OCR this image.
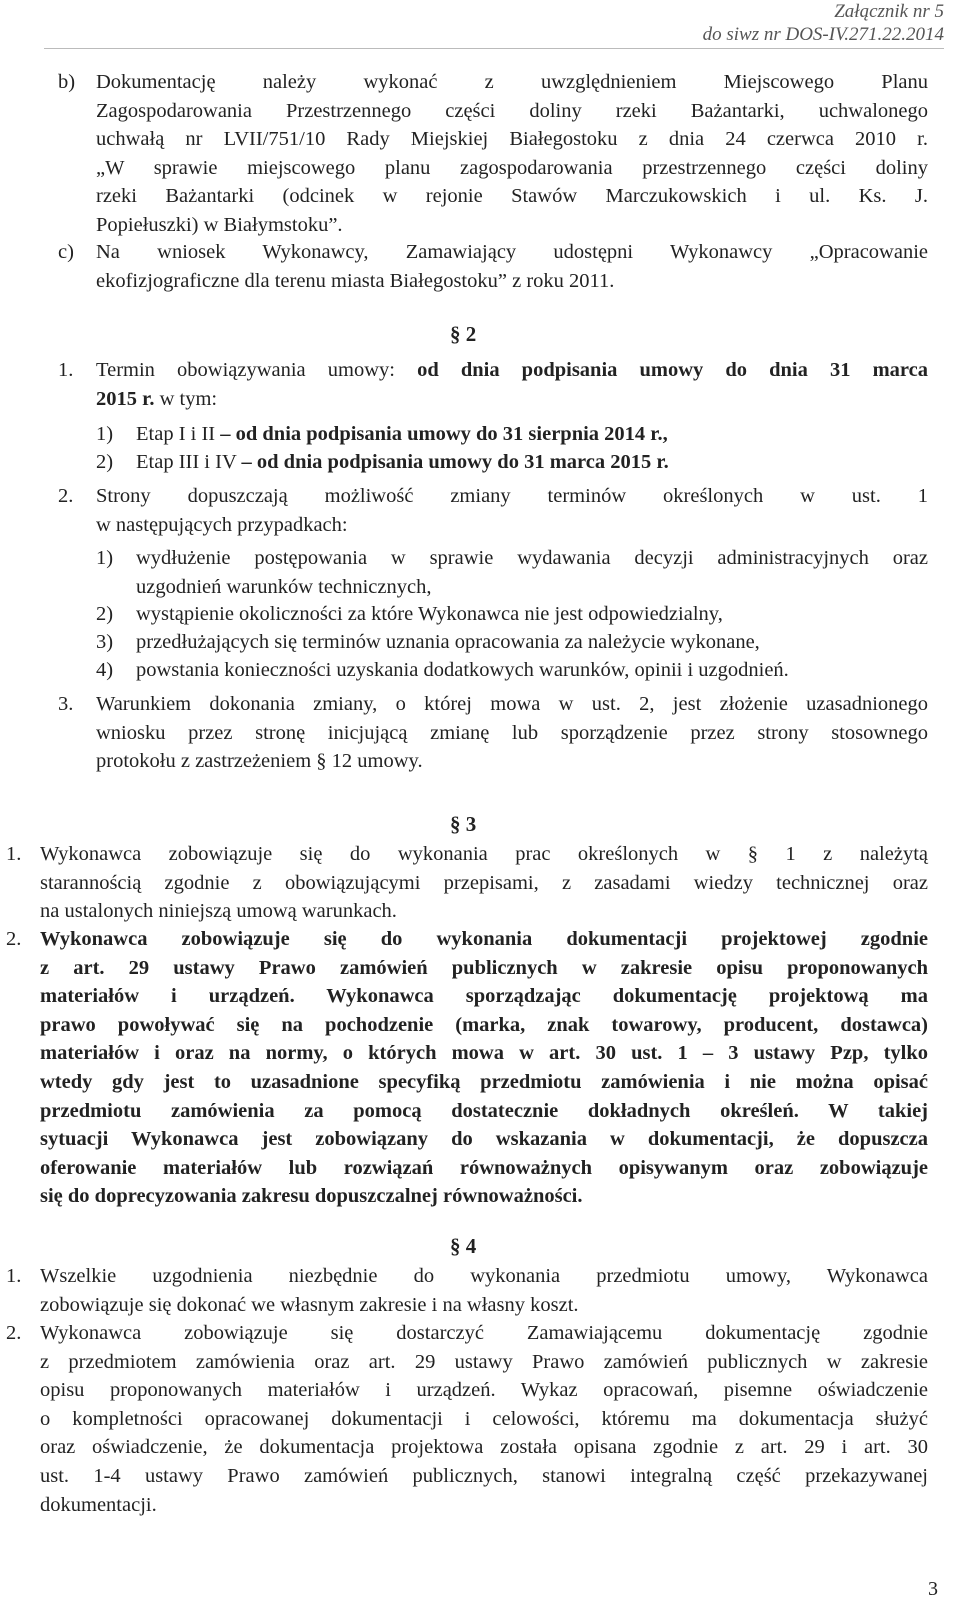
Załącznik nr 5
do siwz nr DOS-IV.271.22.2014
b) Dokumentację należy wykonać z uwzględnieniem Miejscowego Planu
Zagospodarowania Przestrzennego części doliny rzeki Bażantarki, uchwalonego
uchwałą nr LVII/751/10 Rady Miejskiej Białegostoku z dnia 24 czerwca 2010 r.
„W sprawie miejscowego planu zagospodarowania przestrzennego części doliny
rzeki Bażantarki (odcinek w rejonie Stawów Marczukowskich i ul. Ks. J.
Popiełuszki) w Białymstoku”.
c) Na wniosek Wykonawcy, Zamawiający udostępni Wykonawcy „Opracowanie
ekofizjograficzne dla terenu miasta Białegostoku” z roku 2011.
§ 2
1. Termin obowiązywania umowy: od dnia podpisania umowy do dnia 31 marca
2015 r. w tym:
1) Etap I i II – od dnia podpisania umowy do 31 sierpnia 2014 r.,
2) Etap III i IV – od dnia podpisania umowy do 31 marca 2015 r.
2. Strony dopuszczają możliwość zmiany terminów określonych w ust. 1
w następujących przypadkach:
1) wydłużenie postępowania w sprawie wydawania decyzji administracyjnych oraz
uzgodnień warunków technicznych,
2) wystąpienie okoliczności za które Wykonawca nie jest odpowiedzialny,
3) przedłużających się terminów uznania opracowania za należycie wykonane,
4) powstania konieczności uzyskania dodatkowych warunków, opinii i uzgodnień.
3. Warunkiem dokonania zmiany, o której mowa w ust. 2, jest złożenie uzasadnionego
wniosku przez stronę inicjującą zmianę lub sporządzenie przez strony stosownego
protokołu z zastrzeżeniem § 12 umowy.
§ 3
1. Wykonawca zobowiązuje się do wykonania prac określonych w § 1 z należytą
starannością zgodnie z obowiązującymi przepisami, z zasadami wiedzy technicznej oraz
na ustalonych niniejszą umową warunkach.
2. Wykonawca zobowiązuje się do wykonania dokumentacji projektowej zgodnie
z art. 29 ustawy Prawo zamówień publicznych w zakresie opisu proponowanych
materiałów i urządzeń. Wykonawca sporządzając dokumentację projektową ma
prawo powoływać się na pochodzenie (marka, znak towarowy, producent, dostawca)
materiałów i oraz na normy, o których mowa w art. 30 ust. 1 – 3 ustawy Pzp, tylko
wtedy gdy jest to uzasadnione specyfiką przedmiotu zamówienia i nie można opisać
przedmiotu zamówienia za pomocą dostatecznie dokładnych określeń. W takiej
sytuacji Wykonawca jest zobowiązany do wskazania w dokumentacji, że dopuszcza
oferowanie materiałów lub rozwiązań równoważnych opisywanym oraz zobowiązuje
się do doprecyzowania zakresu dopuszczalnej równoważności.
§ 4
1. Wszelkie uzgodnienia niezbędnie do wykonania przedmiotu umowy, Wykonawca
zobowiązuje się dokonać we własnym zakresie i na własny koszt.
2. Wykonawca zobowiązuje się dostarczyć Zamawiającemu dokumentację zgodnie
z przedmiotem zamówienia oraz art. 29 ustawy Prawo zamówień publicznych w zakresie
opisu proponowanych materiałów i urządzeń. Wykaz opracowań, pisemne oświadczenie
o kompletności opracowanej dokumentacji i celowości, któremu ma dokumentacja służyć
oraz oświadczenie, że dokumentacja projektowa została opisana zgodnie z art. 29 i art. 30
ust. 1-4 ustawy Prawo zamówień publicznych, stanowi integralną część przekazywanej
dokumentacji.
3
